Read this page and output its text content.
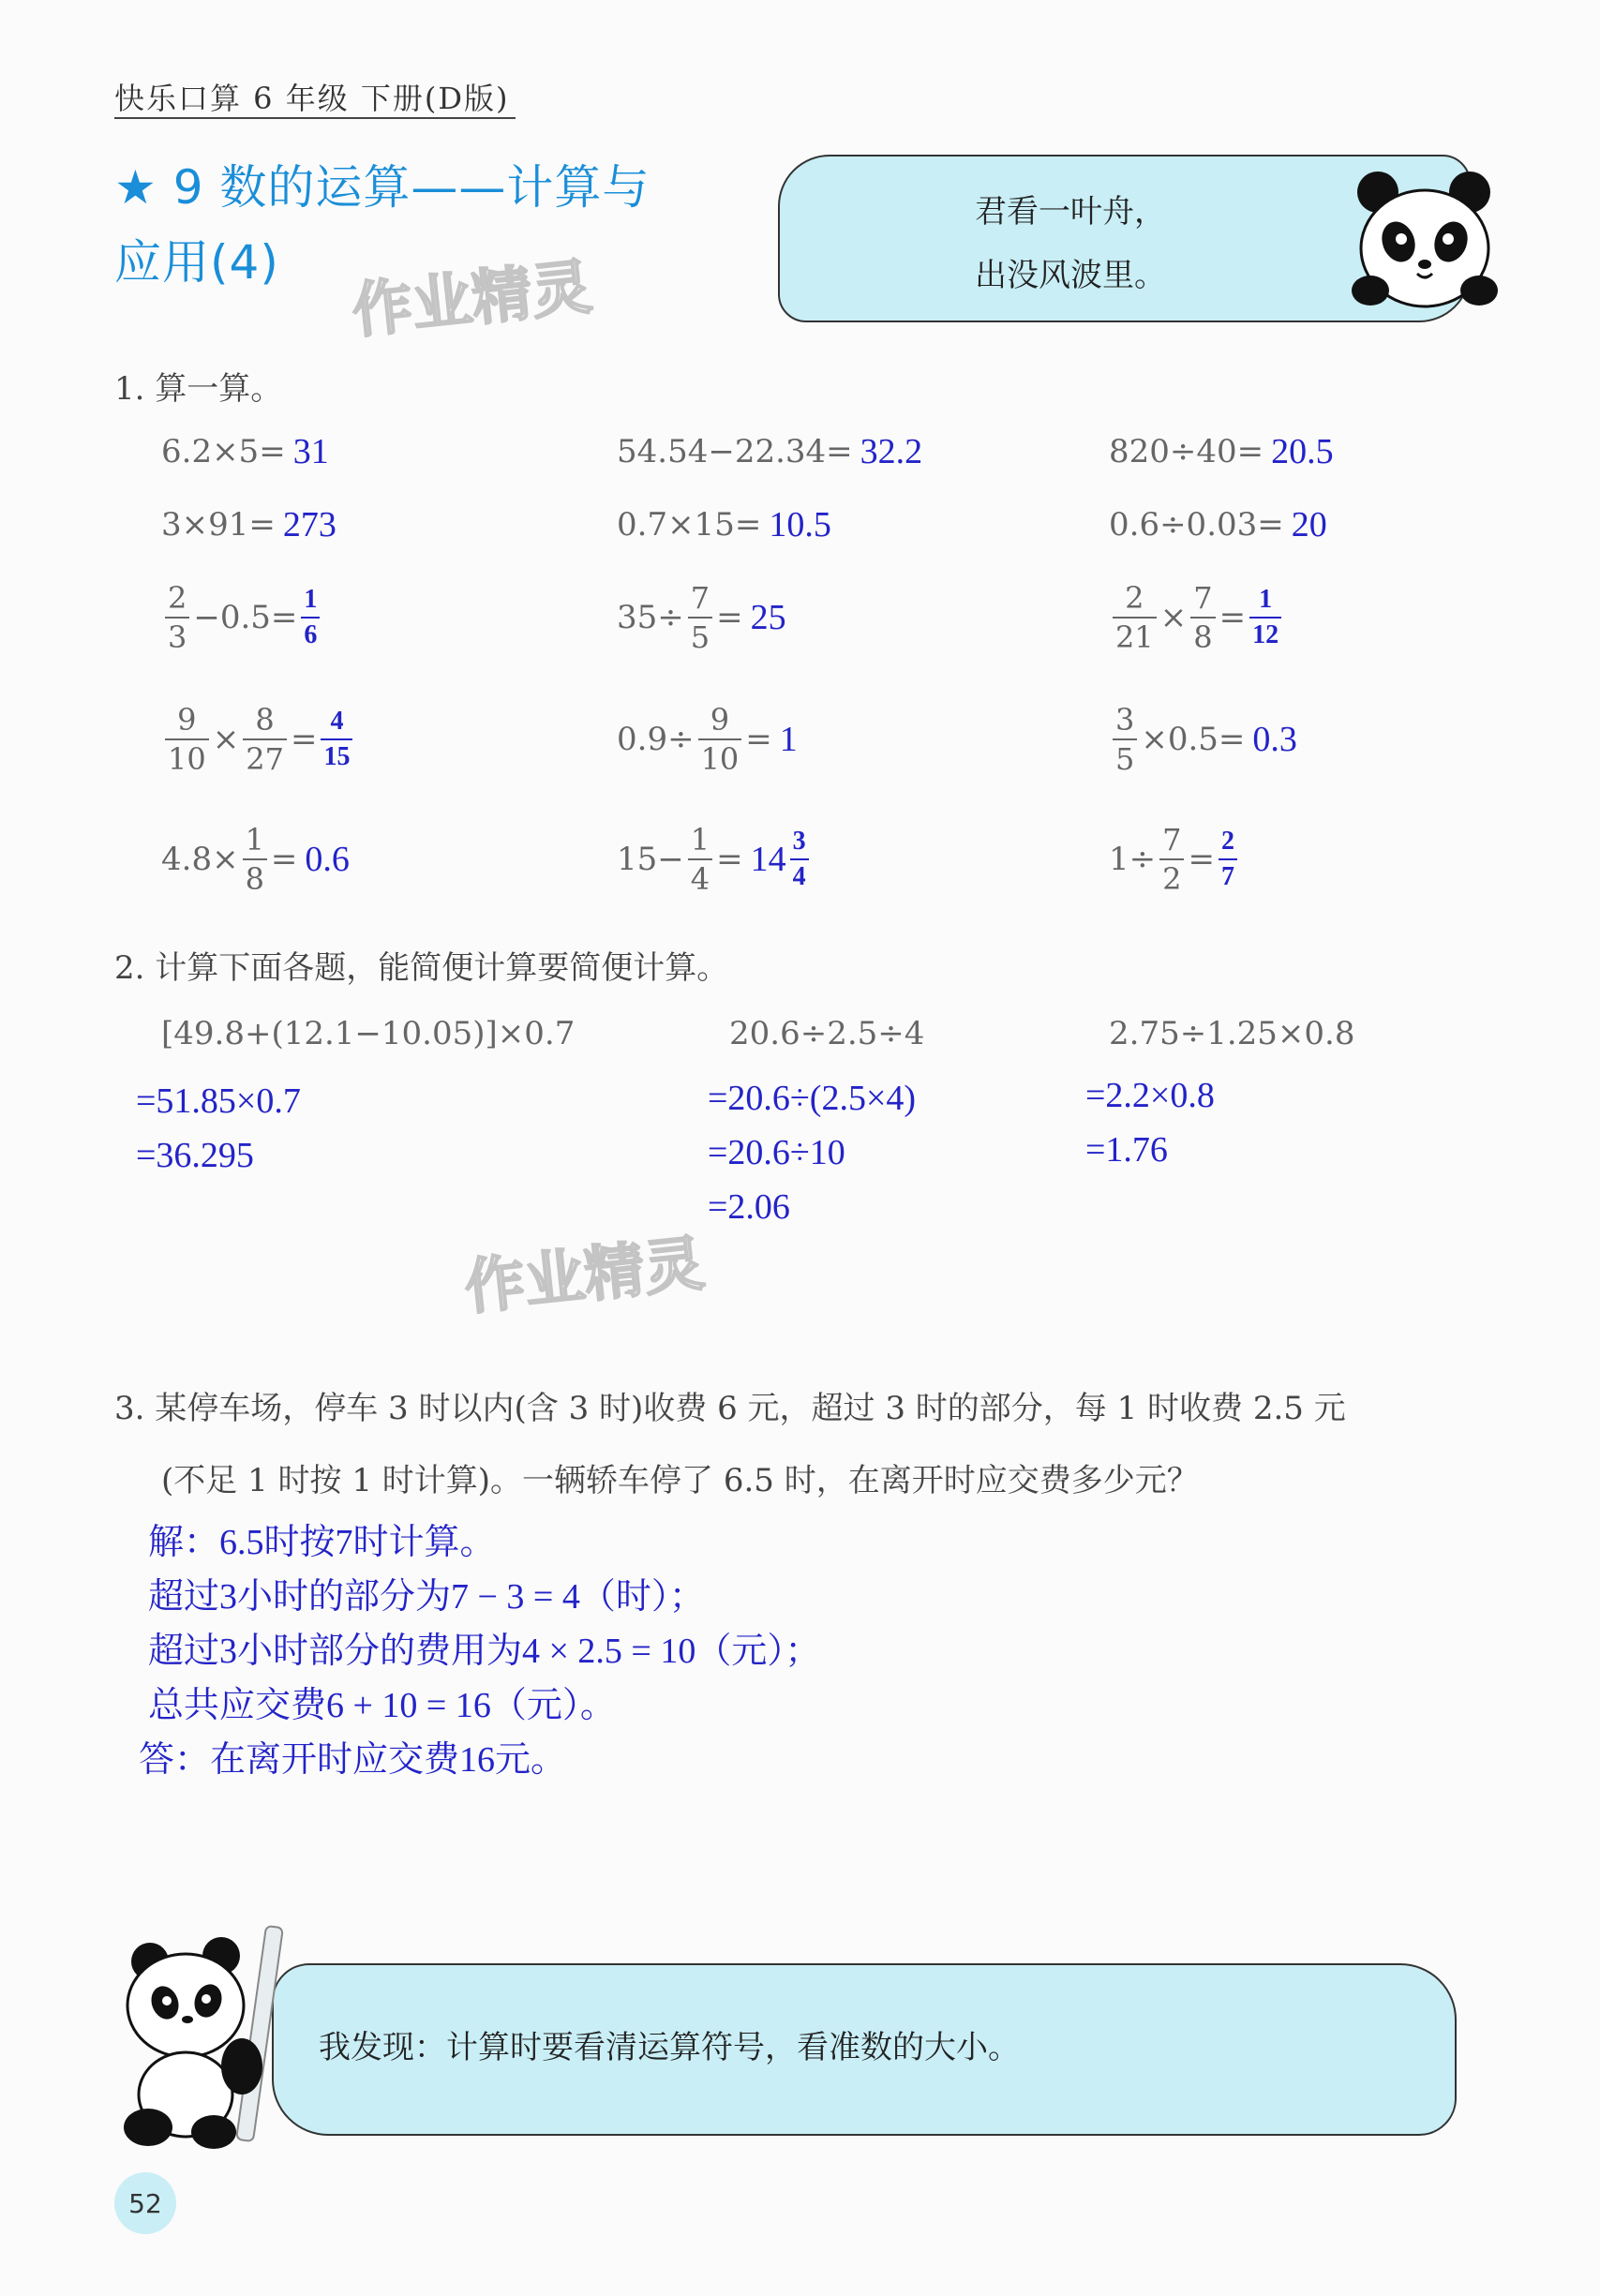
快乐口算 6 年级 下册(D版)
★ 9 数的运算——计算与
应用(4)	作业精灵
作业精灵
君看一叶舟，
出没风波里。
1. 算一算。
6.2×5= 31	54.54−22.34= 32.2	820÷40= 20.5
3×91= 273	0.7×15= 10.5	0.6÷0.03= 20
$\frac{2}{3} -0.5= \frac{1}{6}$	$35\div \frac{7}{5} = 25$	$\frac{2}{21} \times \frac{7}{8} = \frac{1}{12}$
$\frac{9}{10} \times \frac{8}{27} = \frac{4}{15}$	$0.9\div \frac{9}{10} = 1$	$\frac{3}{5} \times 0.5= 0.3$
$4.8\times \frac{1}{8} = 0.6$	$15- \frac{1}{4} = 14 \frac{3}{4}$	$1\div \frac{7}{2} = \frac{2}{7}$
2. 计算下面各题，能简便计算要简便计算。
[49.8+(12.1−10.05)]×0.7
=51.85×0.7
=36.295
20.6÷2.5÷4
=20.6÷(2.5×4)
=20.6÷10
=2.06
2.75÷1.25×0.8
=2.2×0.8
=1.76
3. 某停车场，停车 3 时以内(含 3 时)收费 6 元，超过 3 时的部分，每 1 时收费 2.5 元
(不足 1 时按 1 时计算)。一辆轿车停了 6.5 时，在离开时应交费多少元？
解：6.5时按7时计算。
超过3小时的部分为7 − 3 = 4（时）；
超过3小时部分的费用为4 × 2.5 = 10（元）；
总共应交费6 + 10 = 16（元）。
答：在离开时应交费16元。
我发现：计算时要看清运算符号，看准数的大小。
52
